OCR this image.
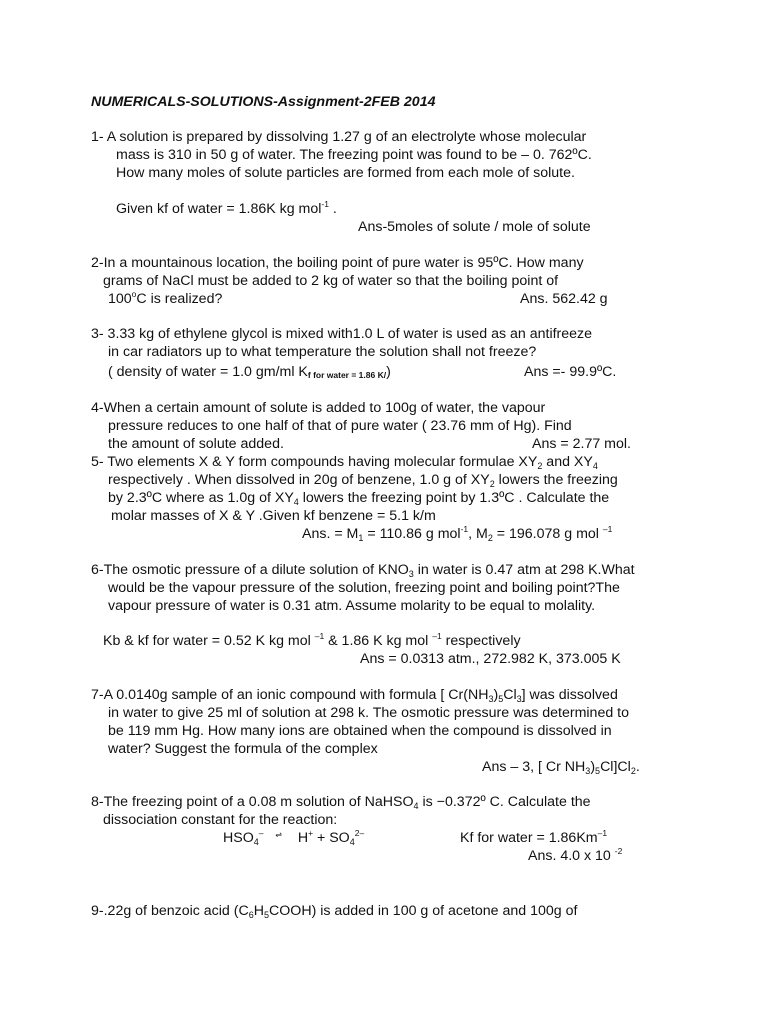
NUMERICALS-SOLUTIONS-Assignment-2FEB 2014
1- A solution is prepared by dissolving 1.27 g of an electrolyte whose molecular
mass is 310 in 50 g of water. The freezing point was found to be – 0. 762ºC.
How many moles of solute particles are formed from each mole of solute.
Given kf of water = 1.86K kg mol$^{-1}$ .
Ans-5moles of solute / mole of solute
2-In a mountainous location, the boiling point of pure water is 95ºC. How many
grams of NaCl must be added to 2 kg of water so that the boiling point of
100$^o$C is realized?	Ans. 562.42 g
3- 3.33 kg of ethylene glycol is mixed with1.0 L of water is used as an antifreeze
in car radiators up to what temperature the solution shall not freeze?
( density of water = 1.0 gm/ml Kf for water = 1.86 K/)	Ans =- 99.9ºC.
4-When a certain amount of solute is added to 100g of water, the vapour
pressure reduces to one half of that of pure water ( 23.76 mm of Hg). Find
the amount of solute added.	Ans = 2.77 mol.
5- Two elements X & Y form compounds having molecular formulae $XY_2$ and $XY_4$
respectively . When dissolved in 20g of benzene, 1.0 g of $XY_2$ lowers the freezing
by 2.3ºC where as 1.0g of $XY_4$ lowers the freezing point by 1.3ºC . Calculate the
molar masses of X & Y .Given kf benzene = 5.1 k/m
Ans. = $M_1 = 110.86$ g mol$^{-1}$, $M_2 = 196.078$ g mol $^{-1}$
6-The osmotic pressure of a dilute solution of $KNO_3$ in water is 0.47 atm at 298 K.What
would be the vapour pressure of the solution, freezing point and boiling point?The
vapour pressure of water is 0.31 atm. Assume molarity to be equal to molality.
Kb & kf for water = 0.52 K kg mol $^{-1}$ & 1.86 K kg mol $^{-1}$ respectively
Ans = 0.0313 atm., 272.982 K, 373.005 K
7-A 0.0140g sample of an ionic compound with formula [ $Cr(NH_3)_5Cl_3$] was dissolved
in water to give 25 ml of solution at 298 k. The osmotic pressure was determined to
be 119 mm Hg. How many ions are obtained when the compound is dissolved in
water? Suggest the formula of the complex
Ans – 3, [ Cr $NH_3)_5Cl]Cl_2$.
8-The freezing point of a 0.08 m solution of NaHSO$_4$ is −0.372º C. Calculate the
dissociation constant for the reaction:
$HSO_4^-$ ⇌ $H^+ + SO_4^{2-}$	Kf for water = $1.86Km^{-1}$
Ans. 4.0 x 10 $^{-2}$
9-.22g of benzoic acid $(C_6H_5COOH)$ is added in 100 g of acetone and 100g of
